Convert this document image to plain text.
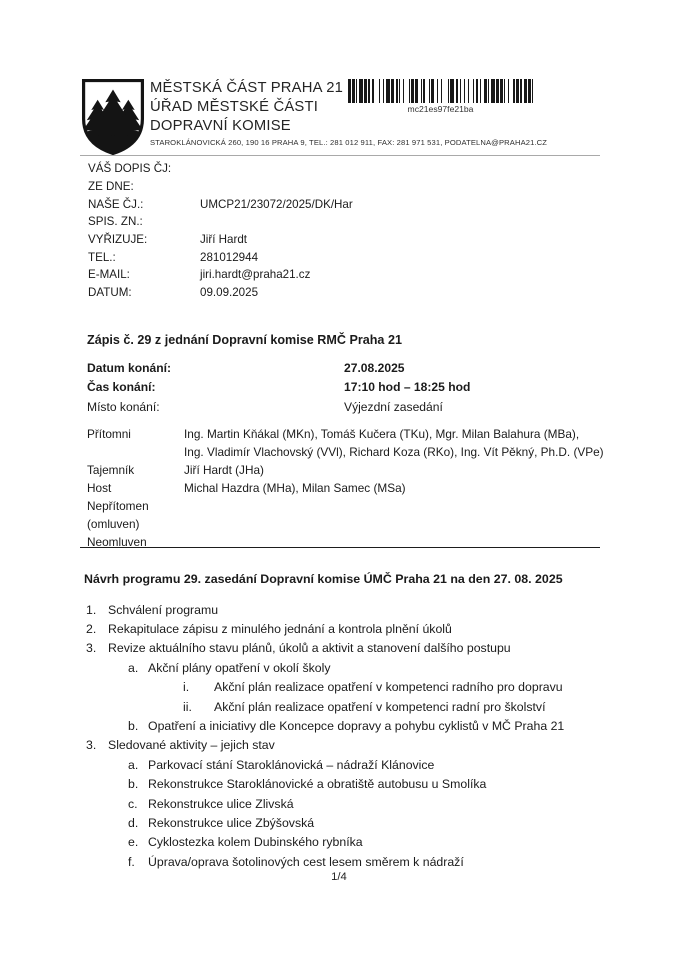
MĚSTSKÁ ČÁST PRAHA 21
ÚŘAD MĚSTSKÉ ČÁSTI
DOPRAVNÍ KOMISE
STAROKLÁNOVICKÁ 260, 190 16 PRAHA 9, TEL.: 281 012 911, FAX: 281 971 531, PODATELNA@PRAHA21.CZ
mc21es97fe21ba
VÁŠ DOPIS ČJ:
ZE DNE:
NAŠE ČJ.:	UMCP21/23072/2025/DK/Har
SPIS. ZN.:
VYŘIZUJE:	Jiří Hardt
TEL.:	281012944
E-MAIL:	jiri.hardt@praha21.cz
DATUM:	09.09.2025
Zápis č. 29 z jednání Dopravní komise RMČ Praha 21
Datum konání:	27.08.2025
Čas konání:	17:10 hod – 18:25 hod
Místo konání:	Výjezdní zasedání
Přítomni	Ing. Martin Kňákal (MKn), Tomáš Kučera (TKu), Mgr. Milan Balahura (MBa),
Ing. Vladimír Vlachovský (VVl), Richard Koza (RKo), Ing. Vít Pěkný, Ph.D. (VPe)
Tajemník	Jiří Hardt (JHa)
Host	Michal Hazdra (MHa), Milan Samec (MSa)
Nepřítomen
(omluven)
Neomluven
Návrh programu 29. zasedání Dopravní komise ÚMČ Praha 21 na den 27. 08. 2025
1. Schválení programu
2. Rekapitulace zápisu z minulého jednání a kontrola plnění úkolů
3. Revize aktuálního stavu plánů, úkolů a aktivit a stanovení dalšího postupu
a. Akční plány opatření v okolí školy
i.	Akční plán realizace opatření v kompetenci radního pro dopravu
ii.	Akční plán realizace opatření v kompetenci radní pro školství
b. Opatření a iniciativy dle Koncepce dopravy a pohybu cyklistů v MČ Praha 21
3. Sledované aktivity – jejich stav
a. Parkovací stání Staroklánovická – nádraží Klánovice
b. Rekonstrukce Staroklánovické a obratiště autobusu u Smolíka
c. Rekonstrukce ulice Zlivská
d. Rekonstrukce ulice Zbýšovská
e. Cyklostezka kolem Dubinského rybníka
f.	Úprava/oprava šotolinových cest lesem směrem k nádraží
1/4
